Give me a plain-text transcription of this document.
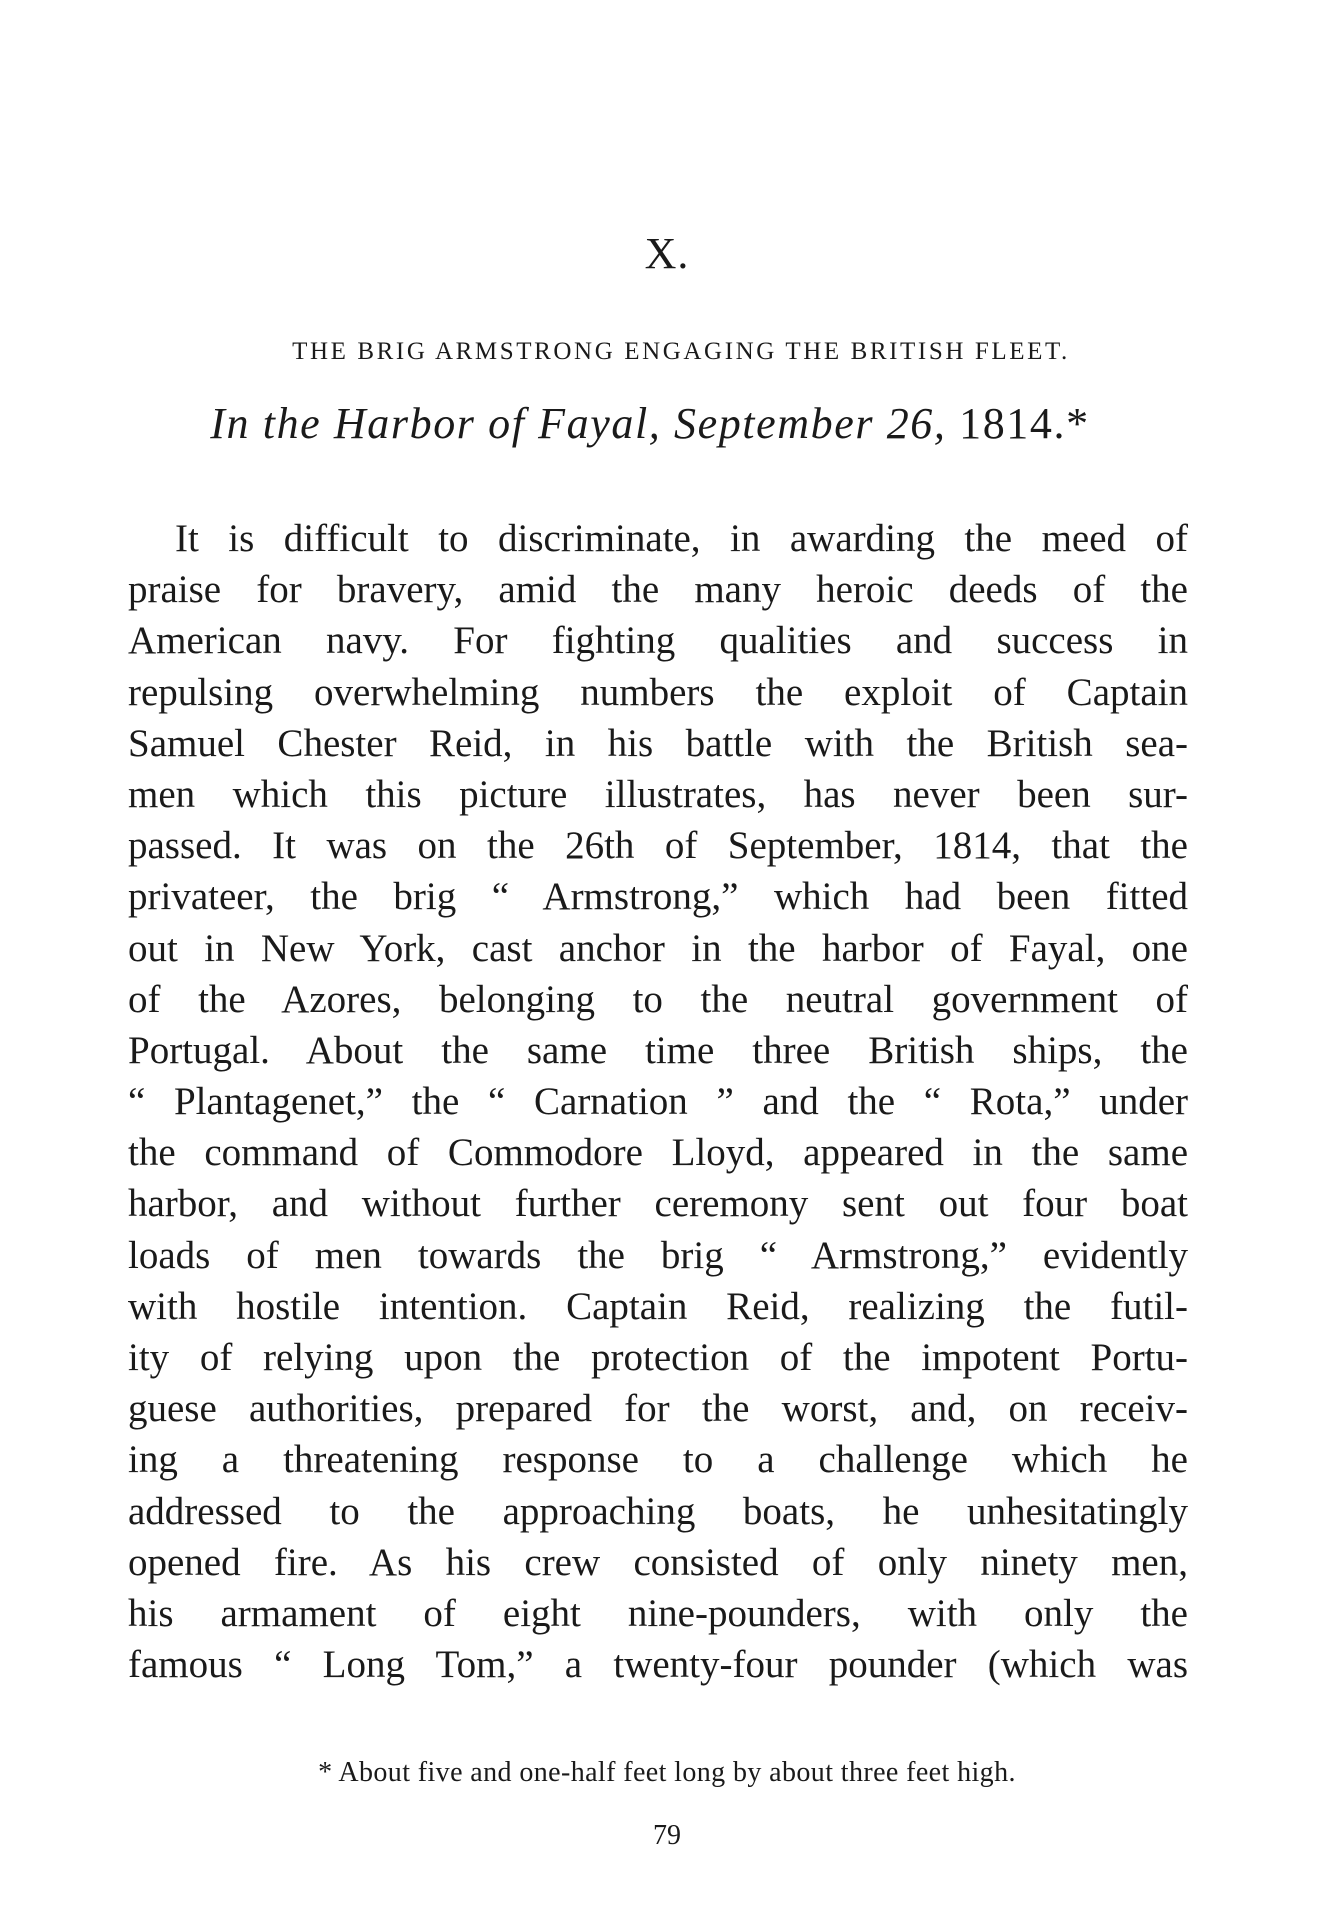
X.
THE BRIG ARMSTRONG ENGAGING THE BRITISH FLEET.
In the Harbor of Fayal, September 26, 1814.*
It is difficult to discriminate, in awarding the meed of
praise for bravery, amid the many heroic deeds of the
American navy. For fighting qualities and success in
repulsing overwhelming numbers the exploit of Captain
Samuel Chester Reid, in his battle with the British sea-
men which this picture illustrates, has never been sur-
passed. It was on the 26th of September, 1814, that the
privateer, the brig “ Armstrong,” which had been fitted
out in New York, cast anchor in the harbor of Fayal, one
of the Azores, belonging to the neutral government of
Portugal. About the same time three British ships, the
“ Plantagenet,” the “ Carnation ” and the “ Rota,” under
the command of Commodore Lloyd, appeared in the same
harbor, and without further ceremony sent out four boat
loads of men towards the brig “ Armstrong,” evidently
with hostile intention. Captain Reid, realizing the futil-
ity of relying upon the protection of the impotent Portu-
guese authorities, prepared for the worst, and, on receiv-
ing a threatening response to a challenge which he
addressed to the approaching boats, he unhesitatingly
opened fire. As his crew consisted of only ninety men,
his armament of eight nine-pounders, with only the
famous “ Long Tom,” a twenty-four pounder (which was
* About five and one-half feet long by about three feet high.
79
